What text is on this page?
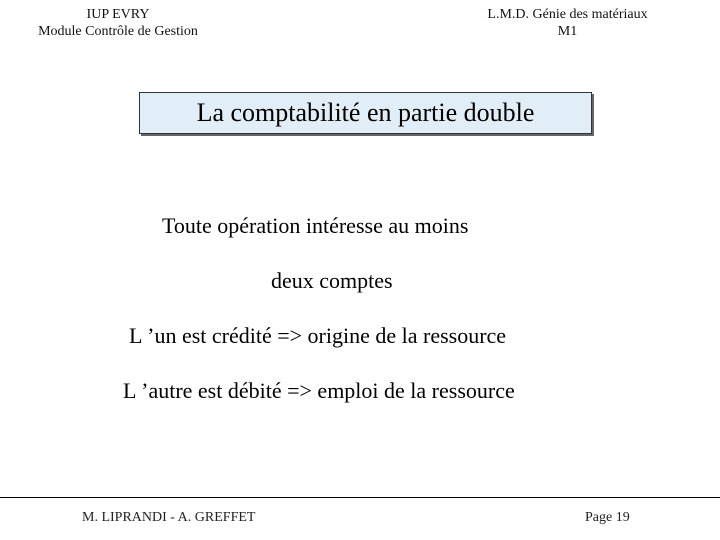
IUP EVRY
Module Contrôle de Gestion
L.M.D. Génie des matériaux
M1
La comptabilité en partie double
Toute opération intéresse au moins
deux comptes
L ’un est crédité => origine de la ressource
L ’autre est débité => emploi de la ressource
M. LIPRANDI - A. GREFFET	Page 19
